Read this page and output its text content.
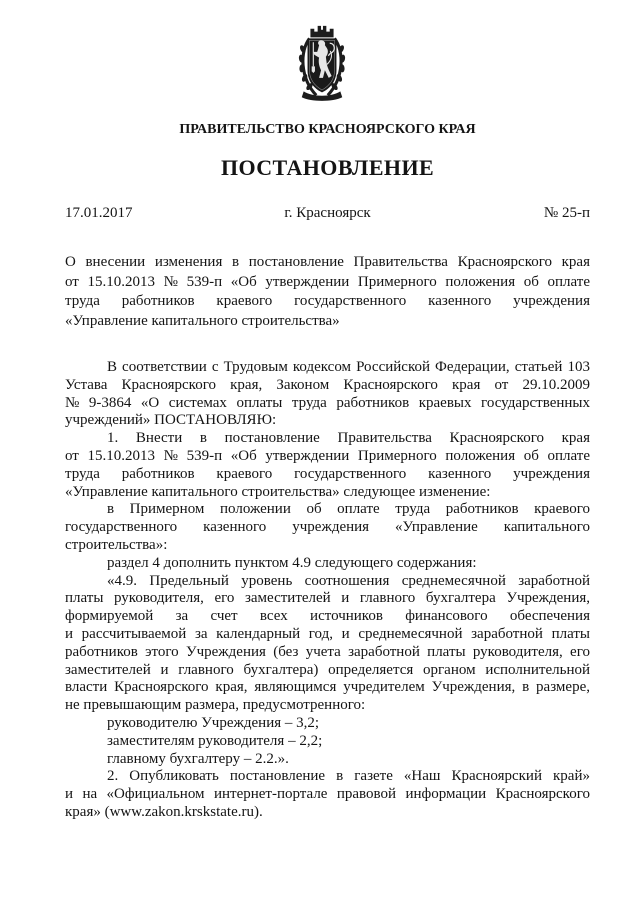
ПРАВИТЕЛЬСТВО КРАСНОЯРСКОГО КРАЯ
ПОСТАНОВЛЕНИЕ
17.01.2017	г. Красноярск	№ 25-п
О внесении изменения в постановление Правительства Красноярского края
от 15.10.2013 № 539-п «Об утверждении Примерного положения об оплате
труда работников краевого государственного казенного учреждения
«Управление капитального строительства»
В соответствии с Трудовым кодексом Российской Федерации, статьей 103
Устава Красноярского края, Законом Красноярского края от 29.10.2009
№ 9-3864 «О системах оплаты труда работников краевых государственных
учреждений» ПОСТАНОВЛЯЮ:
1. Внести в постановление Правительства Красноярского края
от 15.10.2013 № 539-п «Об утверждении Примерного положения об оплате
труда работников краевого государственного казенного учреждения
«Управление капитального строительства» следующее изменение:
в Примерном положении об оплате труда работников краевого
государственного казенного учреждения «Управление капитального
строительства»:
раздел 4 дополнить пунктом 4.9 следующего содержания:
«4.9. Предельный уровень соотношения среднемесячной заработной
платы руководителя, его заместителей и главного бухгалтера Учреждения,
формируемой за счет всех источников финансового обеспечения
и рассчитываемой за календарный год, и среднемесячной заработной платы
работников этого Учреждения (без учета заработной платы руководителя, его
заместителей и главного бухгалтера) определяется органом исполнительной
власти Красноярского края, являющимся учредителем Учреждения, в размере,
не превышающим размера, предусмотренного:
руководителю Учреждения – 3,2;
заместителям руководителя – 2,2;
главному бухгалтеру – 2.2.».
2. Опубликовать постановление в газете «Наш Красноярский край»
и на «Официальном интернет-портале правовой информации Красноярского
края» (www.zakon.krskstate.ru).
